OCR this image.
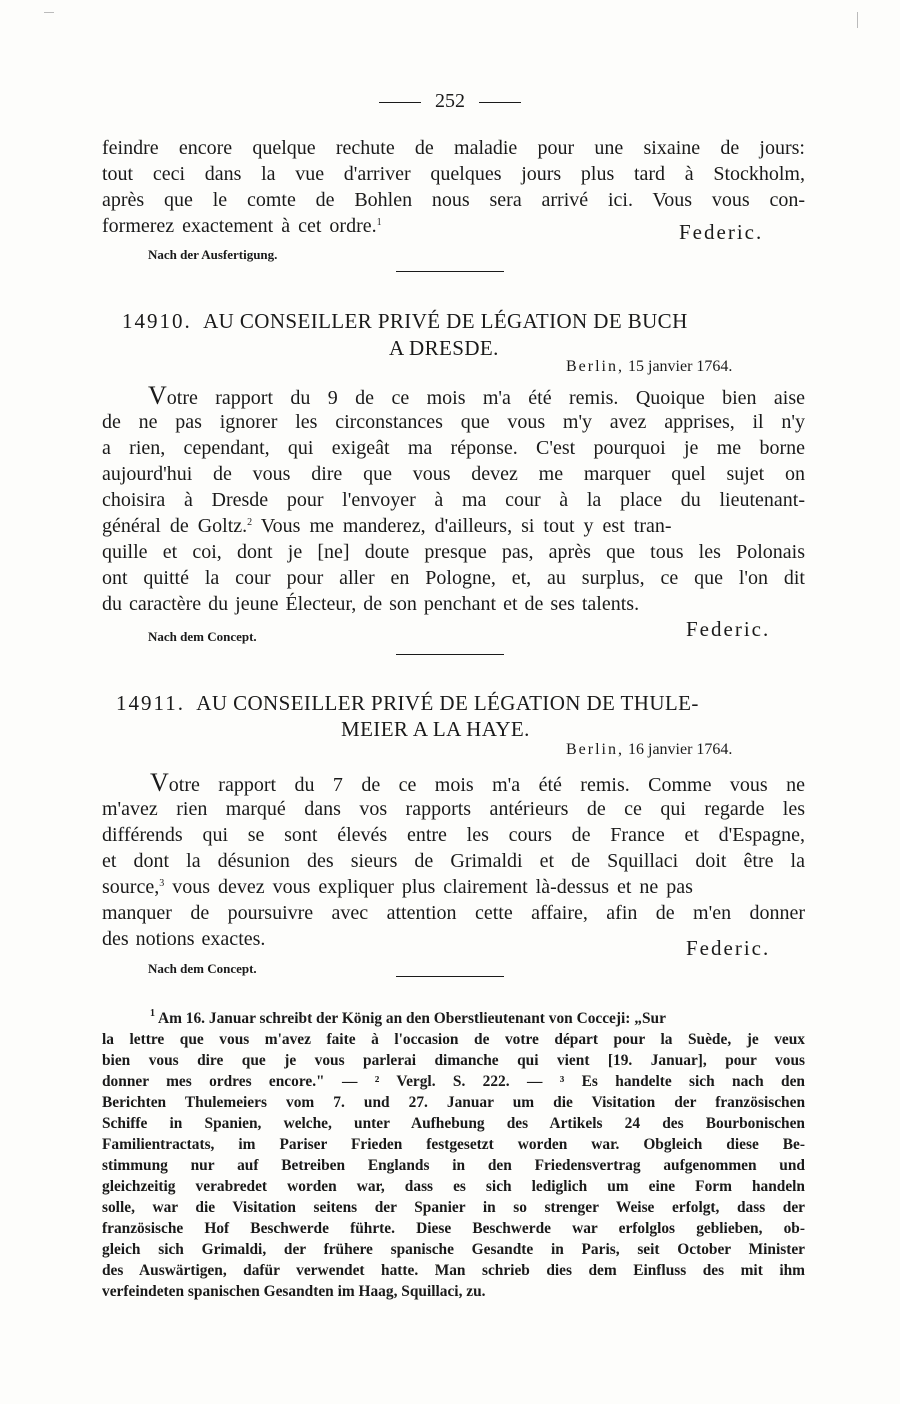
252
feindre encore quelque rechute de maladie pour une sixaine de jours:
tout ceci dans la vue d'arriver quelques jours plus tard à Stockholm,
après que le comte de Bohlen nous sera arrivé ici. Vous vous con-
formerez exactement à cet ordre.$^1$	Federic.
Nach der Ausfertigung.
14910. AU CONSEILLER PRIVÉ DE LÉGATION DE BUCH
A DRESDE.
Berlin, 15 janvier 1764.
Votre rapport du 9 de ce mois m'a été remis. Quoique bien aise
de ne pas ignorer les circonstances que vous m'y avez apprises, il n'y
a rien, cependant, qui exigeât ma réponse. C'est pourquoi je me borne
aujourd'hui de vous dire que vous devez me marquer quel sujet on
choisira à Dresde pour l'envoyer à ma cour à la place du lieutenant-
général de Goltz.$^2$ Vous me manderez, d'ailleurs, si tout y est tran-
quille et coi, dont je [ne] doute presque pas, après que tous les Polonais
ont quitté la cour pour aller en Pologne, et, au surplus, ce que l'on dit
du caractère du jeune Électeur, de son penchant et de ses talents.
Federic.
Nach dem Concept.
14911. AU CONSEILLER PRIVÉ DE LÉGATION DE THULE-
MEIER A LA HAYE.
Berlin, 16 janvier 1764.
Votre rapport du 7 de ce mois m'a été remis. Comme vous ne
m'avez rien marqué dans vos rapports antérieurs de ce qui regarde les
différends qui se sont élevés entre les cours de France et d'Espagne,
et dont la désunion des sieurs de Grimaldi et de Squillaci doit être la
source,$^3$ vous devez vous expliquer plus clairement là-dessus et ne pas
manquer de poursuivre avec attention cette affaire, afin de m'en donner
des notions exactes.	Federic.
Nach dem Concept.
$^1$ Am 16. Januar schreibt der König an den Oberstlieutenant von Cocceji: „Sur
la lettre que vous m'avez faite à l'occasion de votre départ pour la Suède, je veux
bien vous dire que je vous parlerai dimanche qui vient [19. Januar], pour vous
donner mes ordres encore." — ² Vergl. S. 222. — ³ Es handelte sich nach den
Berichten Thulemeiers vom 7. und 27. Januar um die Visitation der französischen
Schiffe in Spanien, welche, unter Aufhebung des Artikels 24 des Bourbonischen
Familientractats, im Pariser Frieden festgesetzt worden war. Obgleich diese Be-
stimmung nur auf Betreiben Englands in den Friedensvertrag aufgenommen und
gleichzeitig verabredet worden war, dass es sich lediglich um eine Form handeln
solle, war die Visitation seitens der Spanier in so strenger Weise erfolgt, dass der
französische Hof Beschwerde führte. Diese Beschwerde war erfolglos geblieben, ob-
gleich sich Grimaldi, der frühere spanische Gesandte in Paris, seit October Minister
des Auswärtigen, dafür verwendet hatte. Man schrieb dies dem Einfluss des mit ihm
verfeindeten spanischen Gesandten im Haag, Squillaci, zu.
